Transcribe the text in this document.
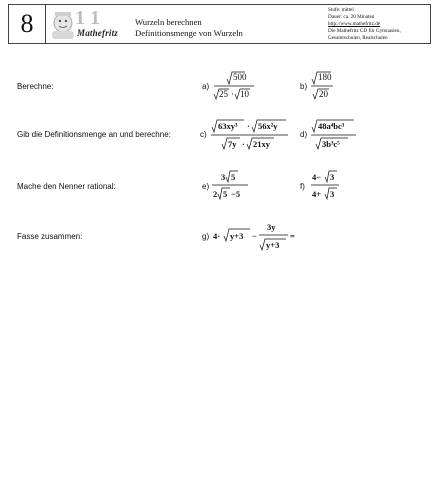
8	1 1
Mathefritz
Wurzeln berechnen
Definitionsmenge von Wurzeln
Stufe: mittel
Dauer: ca. 20 Minaten
http://www.mathefritz.de
Die Mathefritz CD für Gymnasien,
Gesamtschulen, Realschulen
Berechne:	a)
500
25 · 10
b)
180
20
Gib die Definitionsmenge an und berechne:	c)
63xy³ · 56x²y
7y · 21xy
d)
48a⁴bc³
3b³c⁵
Mache den Nenner rational:	e)
3 5
2 5 −5
f)
4− 3
4+ 3
Fasse zusammen:	g) 4· y+3 −
3y
y+3
=
